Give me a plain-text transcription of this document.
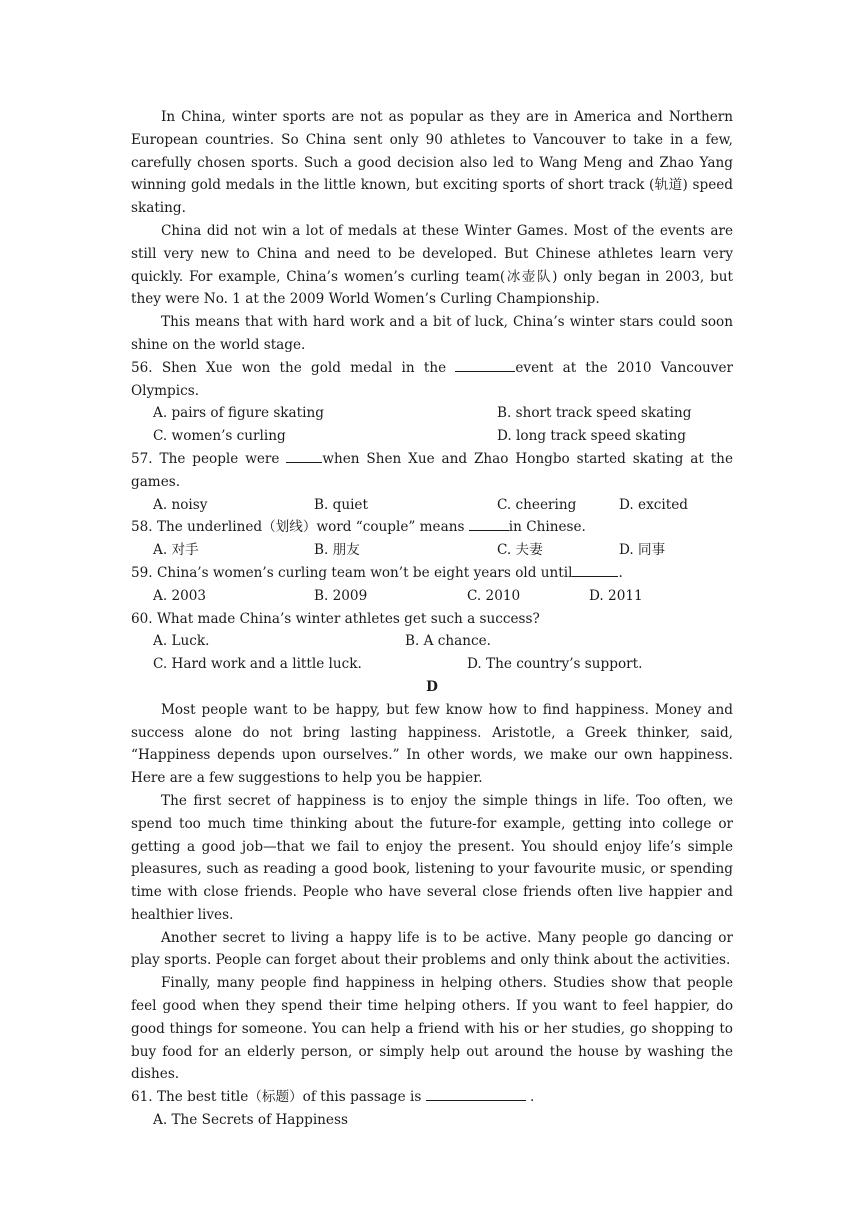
In China, winter sports are not as popular as they are in America and Northern European countries. So China sent only 90 athletes to Vancouver to take in a few, carefully chosen sports. Such a good decision also led to Wang Meng and Zhao Yang winning gold medals in the little known, but exciting sports of short track (轨道) speed skating.

China did not win a lot of medals at these Winter Games. Most of the events are still very new to China and need to be developed. But Chinese athletes learn very quickly. For example, China’s women’s curling team(冰壶队) only began in 2003, but they were No. 1 at the 2009 World Women’s Curling Championship.

This means that with hard work and a bit of luck, China’s winter stars could soon shine on the world stage.

56. Shen Xue won the gold medal in the	event at the 2010 Vancouver Olympics.

A. pairs of figure skating	B. short track speed skating
C. women’s curling	D. long track speed skating

57. The people were	when Shen Xue and Zhao Hongbo started skating at the games.

A. noisy	B. quiet	C. cheering	D. excited

58. The underlined（划线）word “couple” means	in Chinese.

A. 对手	B. 朋友	C. 夫妻	D. 同事

59. China’s women’s curling team won’t be eight years old until	.

A. 2003	B. 2009	C. 2010	D. 2011

60. What made China’s winter athletes get such a success?

A. Luck.	B. A chance.
C. Hard work and a little luck.	D. The country’s support.

D

Most people want to be happy, but few know how to find happiness. Money and success alone do not bring lasting happiness. Aristotle, a Greek thinker, said, “Happiness depends upon ourselves.” In other words, we make our own happiness. Here are a few suggestions to help you be happier.

The first secret of happiness is to enjoy the simple things in life. Too often, we spend too much time thinking about the future-for example, getting into college or getting a good job—that we fail to enjoy the present. You should enjoy life’s simple pleasures, such as reading a good book, listening to your favourite music, or spending time with close friends. People who have several close friends often live happier and healthier lives.

Another secret to living a happy life is to be active. Many people go dancing or play sports. People can forget about their problems and only think about the activities.

Finally, many people find happiness in helping others. Studies show that people feel good when they spend their time helping others. If you want to feel happier, do good things for someone. You can help a friend with his or her studies, go shopping to buy food for an elderly person, or simply help out around the house by washing the dishes.

61. The best title（标题）of this passage is	.

A. The Secrets of Happiness
